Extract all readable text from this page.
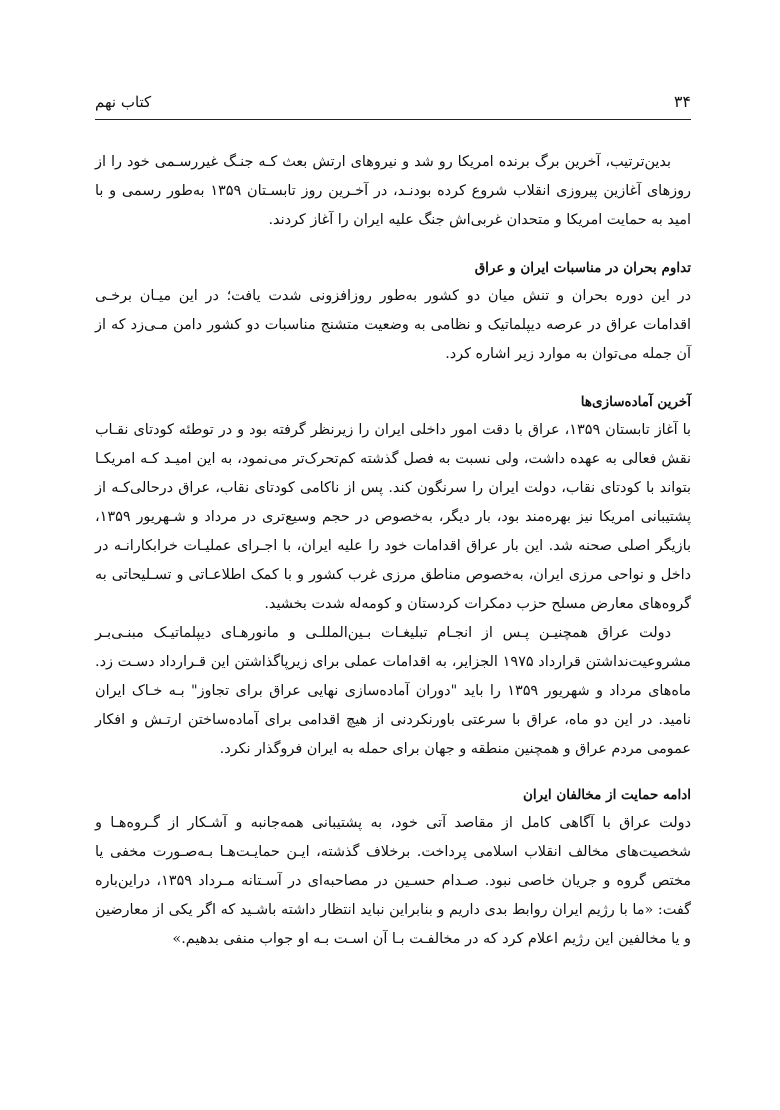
۳۴
کتاب نهم

بدین‌ترتیب، آخرین برگ برنده امریکا رو شد و نیروهای ارتش بعث کـه جنـگ غیررسـمی خود را از روزهای آغازین پیروزی انقلاب شروع کرده بودنـد، در آخـرین روز تابسـتان ۱۳۵۹ به‌طور رسمی و با امید به حمایت امریکا و متحدان غربی‌اش جنگ علیه ایران را آغاز کردند.

تداوم بحران در مناسبات ایران و عراق

در این دوره بحران و تنش میان دو کشور به‌طور روزافزونی شدت یافت؛ در این میـان برخـی اقدامات عراق در عرصه دیپلماتیک و نظامی به وضعیت متشنج مناسبات دو کشور دامن مـی‌زد که از آن جمله می‌توان به موارد زیر اشاره کرد.

آخرین آماده‌سازی‌ها

با آغاز تابستان ۱۳۵۹، عراق با دقت امور داخلی ایران را زیرنظر گرفته بود و در توطئه کودتای نقـاب نقش فعالی به عهده داشت، ولی نسبت به فصل گذشته کم‌تحرک‌تر می‌نمود، به این امیـد کـه امریکـا بتواند با کودتای نقاب، دولت ایران را سرنگون کند. پس از ناکامی کودتای نقاب، عراق درحالی‌کـه از پشتیبانی امریکا نیز بهره‌مند بود، بار دیگر، به‌خصوص در حجم وسیع‌تری در مرداد و شـهریور ۱۳۵۹، بازیگر اصلی صحنه شد. این بار عراق اقدامات خود را علیه ایران، با اجـرای عملیـات خرابکارانـه در داخل و نواحی مرزی ایران، به‌خصوص مناطق مرزی غرب کشور و با کمک اطلاعـاتی و تسـلیحاتی به گروه‌های معارض مسلح حزب دمکرات کردستان و کومه‌له شدت بخشید.

دولت عراق همچنیـن پـس از انجـام تبلیغـات بـین‌المللـی و مانورهـای دیپلماتیـک مبنـی‌بـر مشروعیت‌نداشتن قرارداد ۱۹۷۵ الجزایر، به اقدامات عملی برای زیرپاگذاشتن این قـرارداد دسـت زد. ماه‌های مرداد و شهریور ۱۳۵۹ را باید "دوران آماده‌سازی نهایی عراق برای تجاوز" بـه خـاک ایران نامید. در این دو ماه، عراق با سرعتی باورنکردنی از هیچ اقدامی برای آماده‌ساختن ارتـش و افکار عمومی مردم عراق و همچنین منطقه و جهان برای حمله به ایران فروگذار نکرد.

ادامه حمایت از مخالفان ایران

دولت عراق با آگاهی کامل از مقاصد آتی خود، به پشتیبانی همه‌جانبه و آشـکار از گـروه‌هـا و شخصیت‌های مخالف انقلاب اسلامی پرداخت. برخلاف گذشته، ایـن حمایـت‌هـا بـه‌صـورت مخفی یا مختص گروه و جریان خاصی نبود. صـدام حسـین در مصاحبه‌ای در آسـتانه مـرداد ۱۳۵۹، دراین‌باره گفت: «ما با رژیم ایران روابط بدی داریم و بنابراین نباید انتظار داشته باشـید که اگر یکی از معارضین و یا مخالفین این رژیم اعلام کرد که در مخالفـت بـا آن اسـت بـه او جواب منفی بدهیم.»
